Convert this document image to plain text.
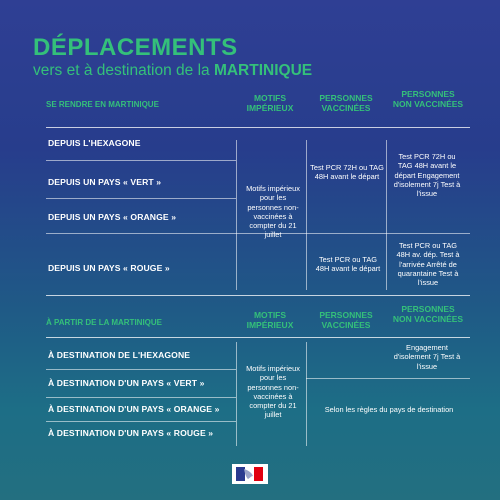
DÉPLACEMENTS
vers et à destination de la MARTINIQUE
SE RENDRE EN MARTINIQUE
MOTIFS IMPÉRIEUX
PERSONNES VACCINÉES
PERSONNES NON VACCINÉES
DEPUIS L'HEXAGONE
DEPUIS UN PAYS « VERT »
DEPUIS UN PAYS « ORANGE »
DEPUIS UN PAYS « ROUGE »
Motifs impérieux pour les personnes non-vaccinées à compter du 21 juillet
Test PCR 72H ou TAG 48H avant le départ
Test PCR 72H ou TAG 48H avant le départ Engagement d'isolement 7j Test à l'issue
Test PCR ou TAG 48H avant le départ
Test PCR ou TAG 48H av. dép. Test à l'arrivée Arrêté de quarantaine Test à l'issue
À PARTIR DE LA MARTINIQUE
MOTIFS IMPÉRIEUX
PERSONNES VACCINÉES
PERSONNES NON VACCINÉES
À DESTINATION DE L'HEXAGONE
À DESTINATION D'UN PAYS « VERT »
À DESTINATION D'UN PAYS « ORANGE »
À DESTINATION D'UN PAYS « ROUGE »
Motifs impérieux pour les personnes non-vaccinées à compter du 21 juillet
Engagement d'isolement 7j Test à l'issue
Selon les règles du pays de destination
